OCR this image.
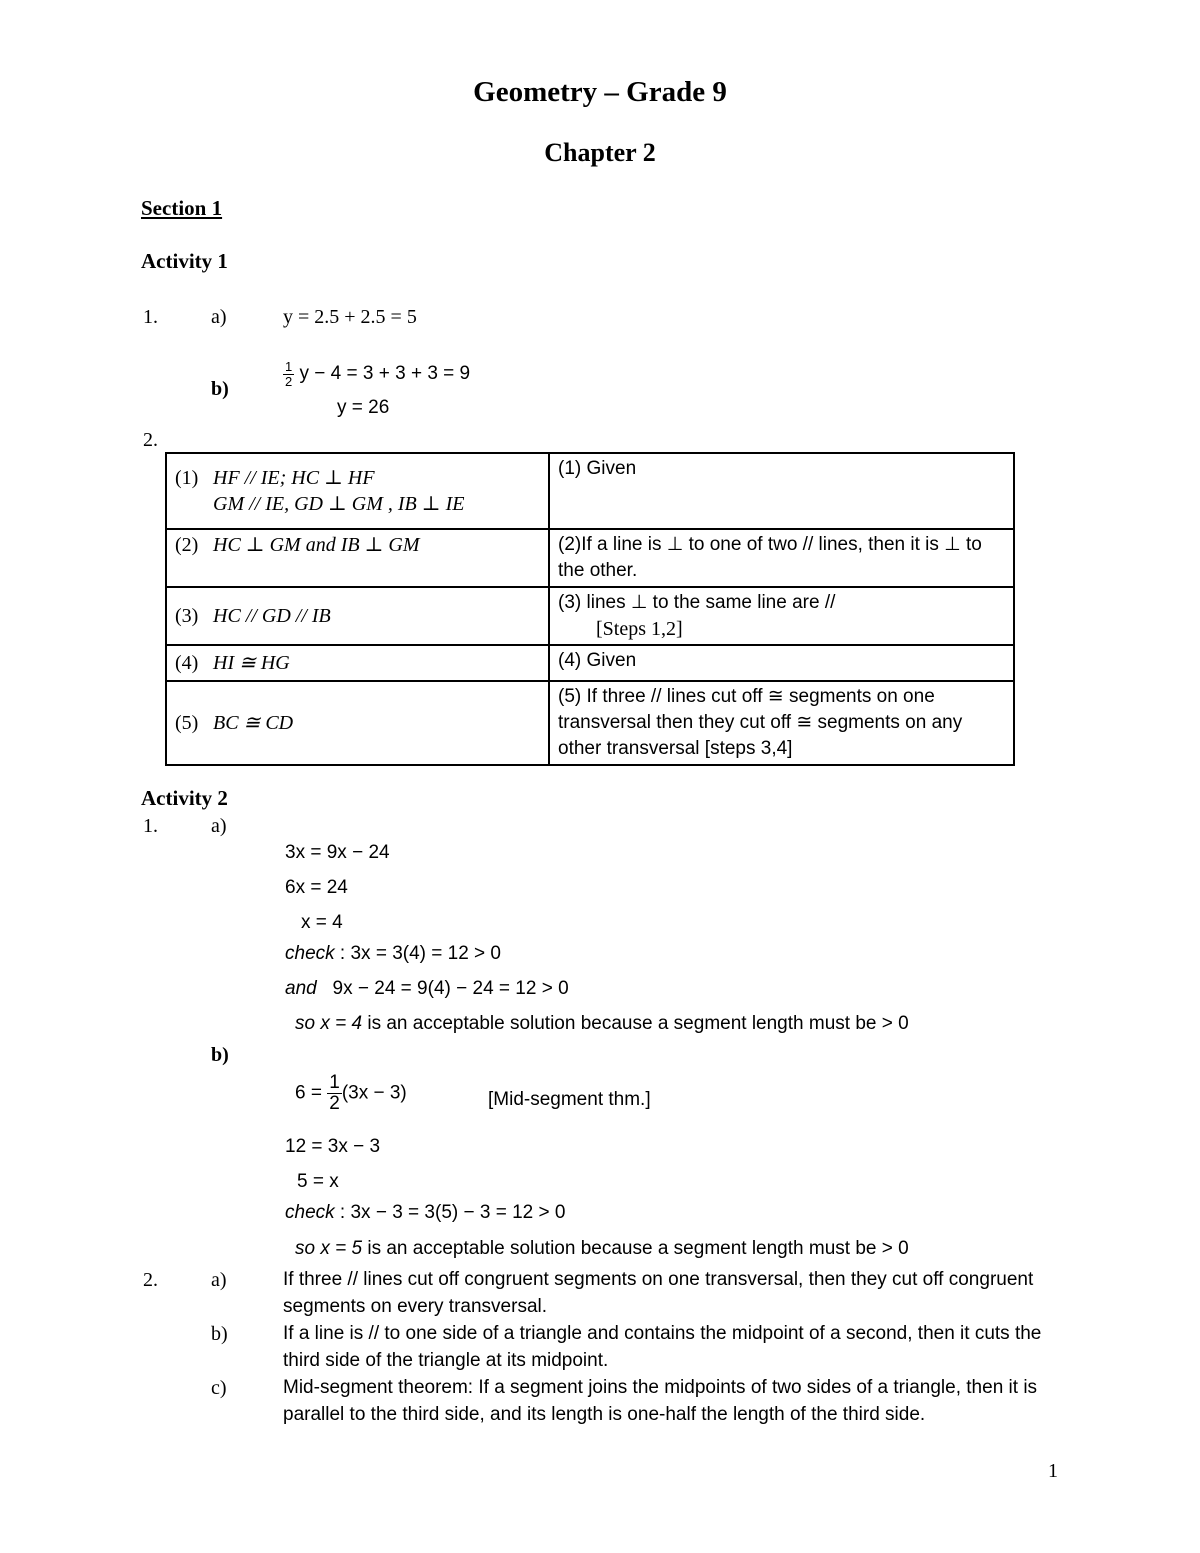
Geometry – Grade 9
Chapter 2
Section 1
Activity 1
1.	a)	y = 2.5 + 2.5 = 5
b)
$\frac{1}{2}$ y − 4 = 3 + 3 + 3 = 9
y = 26
2.
(1) HF // IE; HC ⊥ HF
GM // IE, GD ⊥ GM , IB ⊥ IE	(1) Given
(2) HC ⊥ GM and IB ⊥ GM	(2)If a line is ⊥ to one of two // lines, then it is ⊥ to the other.
(3) HC // GD // IB	(3) lines ⊥ to the same line are //
[Steps 1,2]

(4) HI ≅ HG	(4) Given
(5) BC ≅ CD	(5) If three // lines cut off ≅ segments on one transversal then they cut off ≅ segments on any other transversal [steps 3,4]
Activity 2
1.	a)
3x = 9x − 24
6x = 24
x = 4
check : 3x = 3(4) = 12 > 0
and 9x − 24 = 9(4) − 24 = 12 > 0
so x = 4 is an acceptable solution because a segment length must be > 0
b)
$6 = \frac{1}{2} (3x - 3)$	[Mid-segment thm.]
12 = 3x − 3
5 = x
check : 3x − 3 = 3(5) − 3 = 12 > 0
so x = 5 is an acceptable solution because a segment length must be > 0
2.	a)	If three // lines cut off congruent segments on one transversal, then they cut off congruent segments on every transversal.
b)	If a line is // to one side of a triangle and contains the midpoint of a second, then it cuts the third side of the triangle at its midpoint.
c)	Mid-segment theorem: If a segment joins the midpoints of two sides of a triangle, then it is parallel to the third side, and its length is one-half the length of the third side.
1
